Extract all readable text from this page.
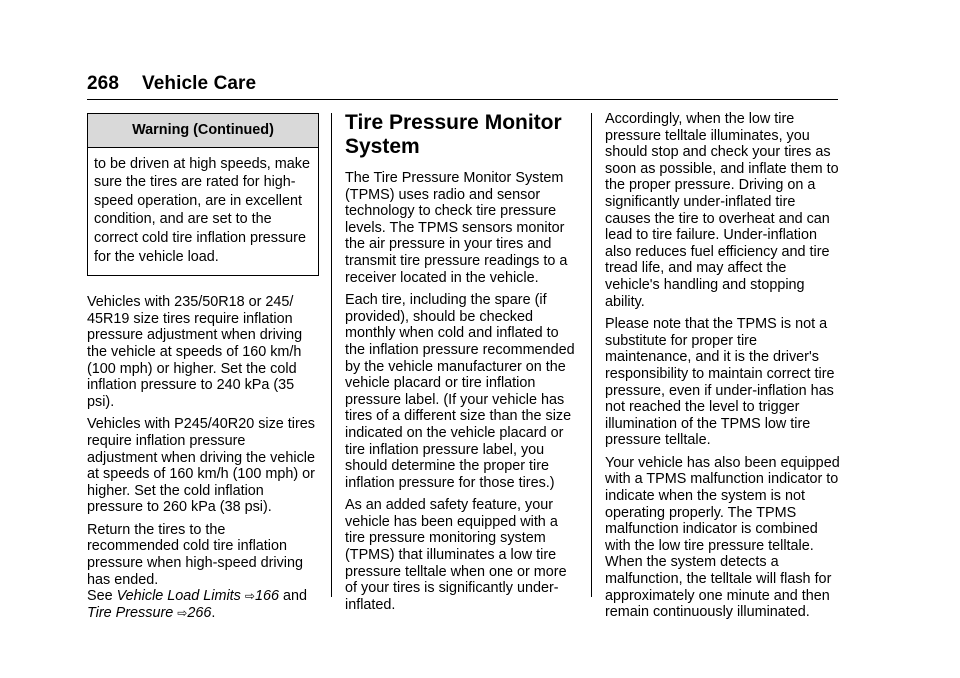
268 Vehicle Care
Warning (Continued)
to be driven at high speeds, make sure the tires are rated for high-speed operation, are in excellent condition, and are set to the correct cold tire inflation pressure for the vehicle load.

Vehicles with 235/50R18 or 245/ 45R19 size tires require inflation pressure adjustment when driving the vehicle at speeds of 160 km/h (100 mph) or higher. Set the cold inflation pressure to 240 kPa (35 psi).

Vehicles with P245/40R20 size tires require inflation pressure adjustment when driving the vehicle at speeds of 160 km/h (100 mph) or higher. Set the cold inflation pressure to 260 kPa (38 psi).

Return the tires to the recommended cold tire inflation pressure when high-speed driving has ended.
See Vehicle Load Limits ⇨166 and
Tire Pressure ⇨266.

Tire Pressure Monitor System

The Tire Pressure Monitor System (TPMS) uses radio and sensor technology to check tire pressure levels. The TPMS sensors monitor the air pressure in your tires and transmit tire pressure readings to a receiver located in the vehicle.

Each tire, including the spare (if provided), should be checked monthly when cold and inflated to the inflation pressure recommended by the vehicle manufacturer on the vehicle placard or tire inflation pressure label. (If your vehicle has tires of a different size than the size indicated on the vehicle placard or tire inflation pressure label, you should determine the proper tire inflation pressure for those tires.)

As an added safety feature, your vehicle has been equipped with a tire pressure monitoring system (TPMS) that illuminates a low tire pressure telltale when one or more of your tires is significantly under-inflated.

Accordingly, when the low tire pressure telltale illuminates, you should stop and check your tires as soon as possible, and inflate them to the proper pressure. Driving on a significantly under-inflated tire causes the tire to overheat and can lead to tire failure. Under-inflation also reduces fuel efficiency and tire tread life, and may affect the vehicle's handling and stopping ability.

Please note that the TPMS is not a substitute for proper tire maintenance, and it is the driver's responsibility to maintain correct tire pressure, even if under-inflation has not reached the level to trigger illumination of the TPMS low tire pressure telltale.

Your vehicle has also been equipped with a TPMS malfunction indicator to indicate when the system is not operating properly. The TPMS malfunction indicator is combined with the low tire pressure telltale. When the system detects a malfunction, the telltale will flash for approximately one minute and then remain continuously illuminated.
